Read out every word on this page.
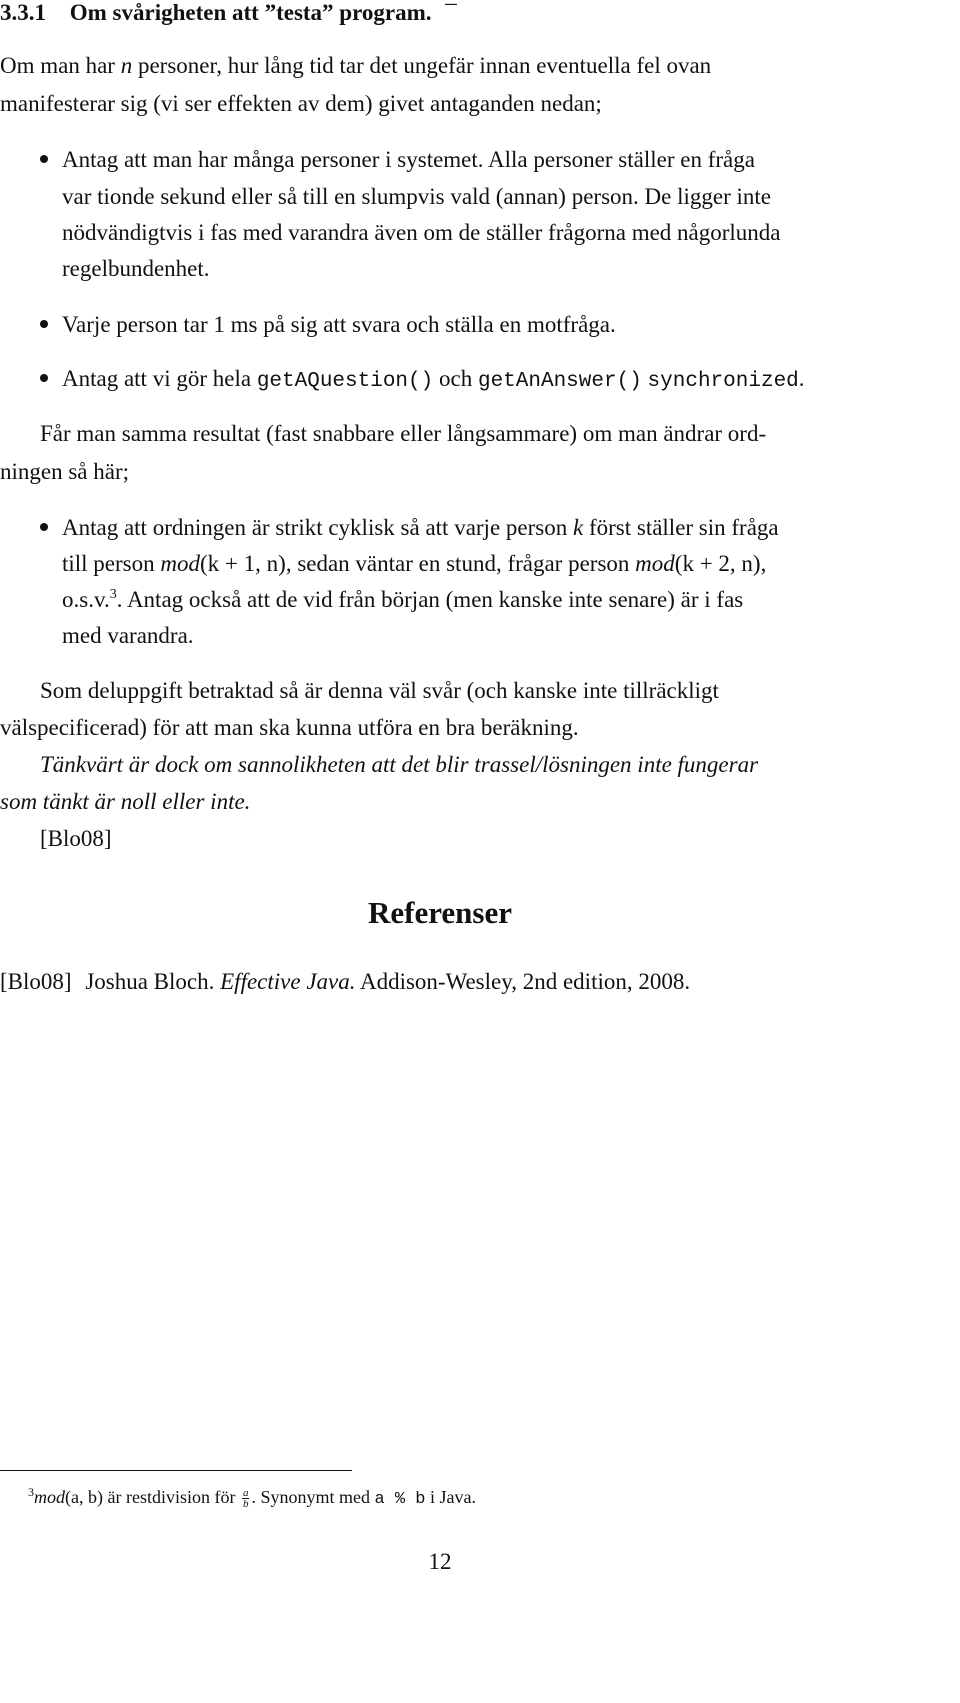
3.3.1 Om svårigheten att ”testa” program. –
Om man har n personer, hur lång tid tar det ungefär innan eventuella fel ovan
manifesterar sig (vi ser effekten av dem) givet antaganden nedan;
Antag att man har många personer i systemet. Alla personer ställer en fråga
var tionde sekund eller så till en slumpvis vald (annan) person. De ligger inte
nödvändigtvis i fas med varandra även om de ställer frågorna med någorlunda
regelbundenhet.
Varje person tar 1 ms på sig att svara och ställa en motfråga.
Antag att vi gör hela getAQuestion() och getAnAnswer() synchronized.
Får man samma resultat (fast snabbare eller långsammare) om man ändrar ord-
ningen så här;
Antag att ordningen är strikt cyklisk så att varje person k först ställer sin fråga
till person mod(k + 1, n), sedan väntar en stund, frågar person mod(k + 2, n),
o.s.v.$^3$. Antag också att de vid från början (men kanske inte senare) är i fas
med varandra.
Som deluppgift betraktad så är denna väl svår (och kanske inte tillräckligt
välspecificerad) för att man ska kunna utföra en bra beräkning.
Tänkvärt är dock om sannolikheten att det blir trassel/lösningen inte fungerar
som tänkt är noll eller inte.
[Blo08]
Referenser
[Blo08] Joshua Bloch. Effective Java. Addison-Wesley, 2nd edition, 2008.
$^3$mod(a, b) är restdivision för $\frac{a}{b}$ . Synonymt med a % b i Java.
12
